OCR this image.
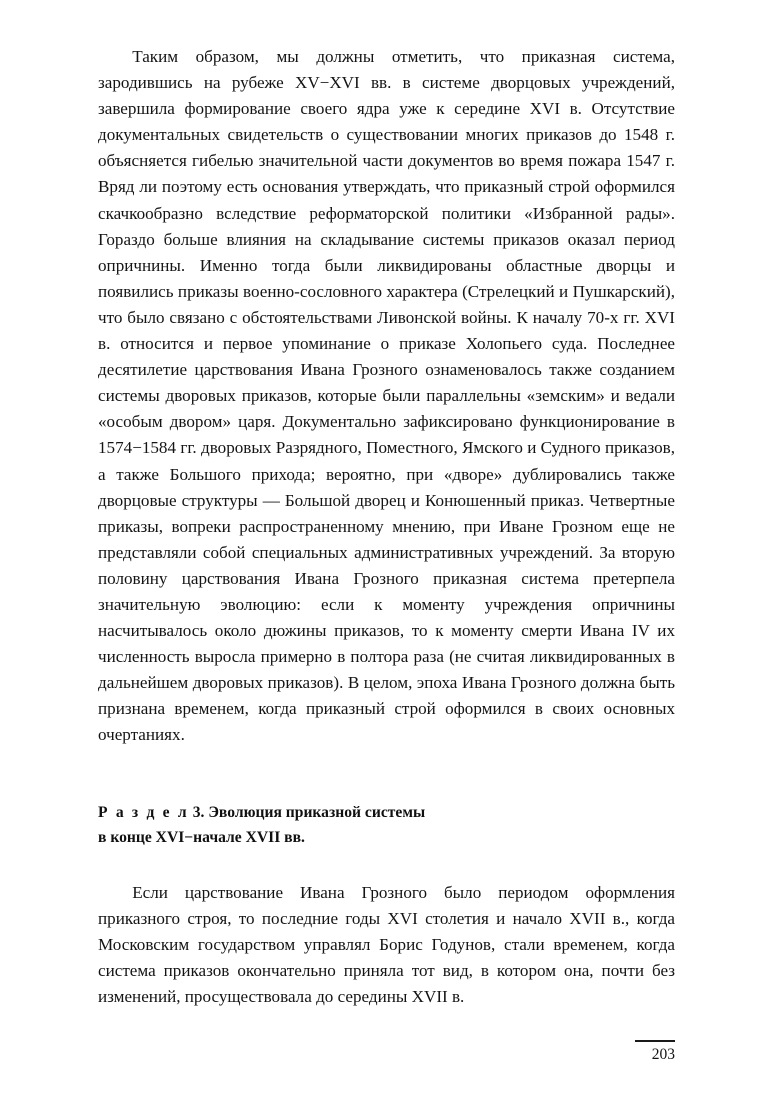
Таким образом, мы должны отметить, что приказная система, зародившись на рубеже XV−XVI вв. в системе дворцовых учреждений, завершила формирование своего ядра уже к середине XVI в. Отсутствие документальных свидетельств о существовании многих приказов до 1548 г. объясняется гибелью значительной части документов во время пожара 1547 г. Вряд ли поэтому есть основания утверждать, что приказный строй оформился скачкообразно вследствие реформаторской политики «Избранной рады». Гораздо больше влияния на складывание системы приказов оказал период опричнины. Именно тогда были ликвидированы областные дворцы и появились приказы военно-сословного характера (Стрелецкий и Пушкарский), что было связано с обстоятельствами Ливонской войны. К началу 70-х гг. XVI в. относится и первое упоминание о приказе Холопьего суда. Последнее десятилетие царствования Ивана Грозного ознаменовалось также созданием системы дворовых приказов, которые были параллельны «земским» и ведали «особым двором» царя. Документально зафиксировано функционирование в 1574−1584 гг. дворовых Разрядного, Поместного, Ямского и Судного приказов, а также Большого прихода; вероятно, при «дворе» дублировались также дворцовые структуры — Большой дворец и Конюшенный приказ. Четвертные приказы, вопреки распространенному мнению, при Иване Грозном еще не представляли собой специальных административных учреждений. За вторую половину царствования Ивана Грозного приказная система претерпела значительную эволюцию: если к моменту учреждения опричнины насчитывалось около дюжины приказов, то к моменту смерти Ивана IV их численность выросла примерно в полтора раза (не считая ликвидированных в дальнейшем дворовых приказов). В целом, эпоха Ивана Грозного должна быть признана временем, когда приказный строй оформился в своих основных очертаниях.

Р а з д е л 3. Эволюция приказной системы
в конце XVI−начале XVII вв.

Если царствование Ивана Грозного было периодом оформления приказного строя, то последние годы XVI столетия и начало XVII в., когда Московским государством управлял Борис Годунов, стали временем, когда система приказов окончательно приняла тот вид, в котором она, почти без изменений, просуществовала до середины XVII в.

203
